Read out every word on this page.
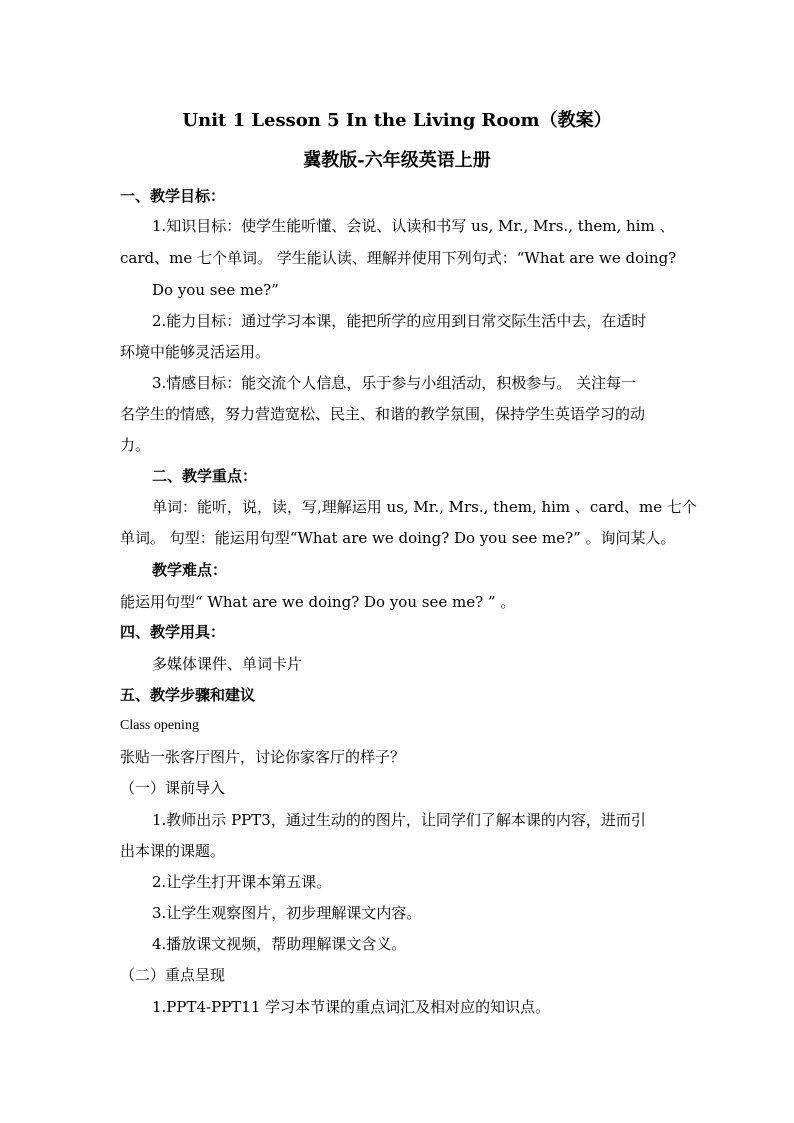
Unit 1 Lesson 5 In the Living Room（教案）
冀教版-六年级英语上册
一、教学目标：
1.知识目标：使学生能听懂、会说、认读和书写 us, Mr., Mrs., them, him 、
card、me 七个单词。 学生能认读、理解并使用下列句式：“What are we doing?
Do you see me?”
2.能力目标：通过学习本课，能把所学的应用到日常交际生活中去，在适时
环境中能够灵活运用。
3.情感目标：能交流个人信息，乐于参与小组活动，积极参与。 关注每一
名学生的情感，努力营造宽松、民主、和谐的教学氛围，保持学生英语学习的动
力。
二、教学重点：
单词：能听，说，读，写,理解运用 us, Mr., Mrs., them, him 、card、me 七个
单词。 句型：能运用句型“What are we doing? Do you see me?” 。询问某人。
教学难点：
能运用句型“ What are we doing? Do you see me? ” 。
四、教学用具：
多媒体课件、单词卡片
五、教学步骤和建议
Class opening
张贴一张客厅图片，讨论你家客厅的样子？
（一）课前导入
1.教师出示 PPT3，通过生动的的图片，让同学们了解本课的内容，进而引
出本课的课题。
2.让学生打开课本第五课。
3.让学生观察图片，初步理解课文内容。
4.播放课文视频，帮助理解课文含义。
（二）重点呈现
1.PPT4-PPT11 学习本节课的重点词汇及相对应的知识点。
